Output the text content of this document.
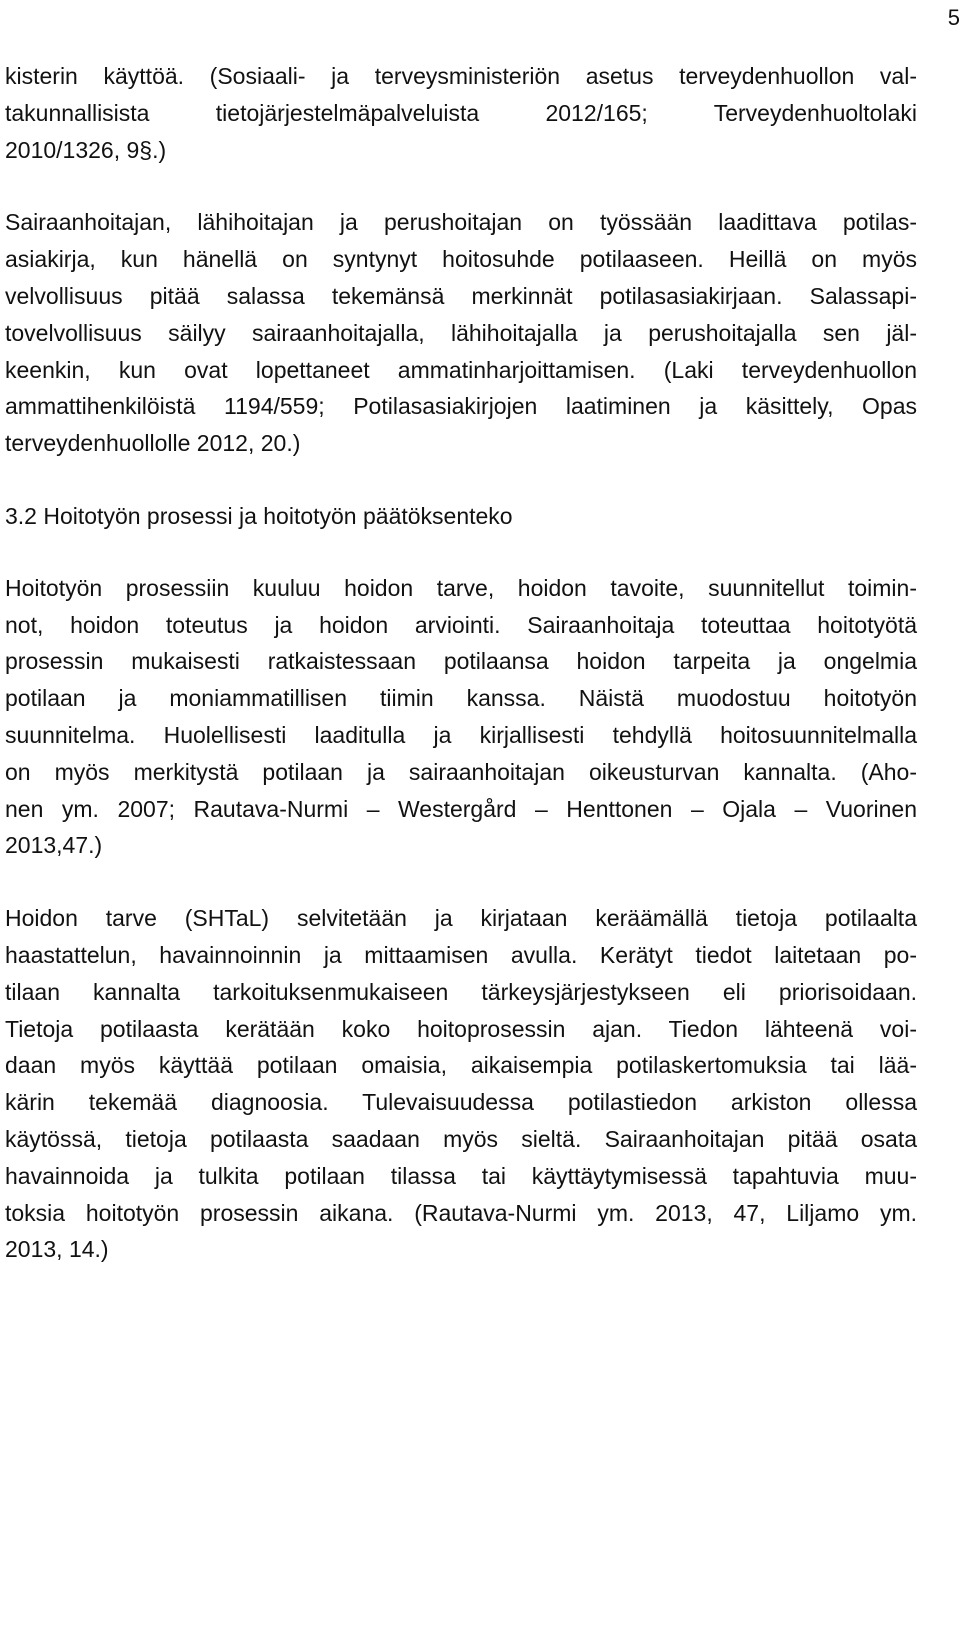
5

kisterin käyttöä. (Sosiaali- ja terveysministeriön asetus terveydenhuollon val-
takunnallisista tietojärjestelmäpalveluista 2012/165; Terveydenhuoltolaki
2010/1326, 9§.)

Sairaanhoitajan, lähihoitajan ja perushoitajan on työssään laadittava potilas-
asiakirja, kun hänellä on syntynyt hoitosuhde potilaaseen. Heillä on myös
velvollisuus pitää salassa tekemänsä merkinnät potilasasiakirjaan. Salassapi-
tovelvollisuus säilyy sairaanhoitajalla, lähihoitajalla ja perushoitajalla sen jäl-
keenkin, kun ovat lopettaneet ammatinharjoittamisen. (Laki terveydenhuollon
ammattihenkilöistä 1194/559; Potilasasiakirjojen laatiminen ja käsittely, Opas
terveydenhuollolle 2012, 20.)

3.2 Hoitotyön prosessi ja hoitotyön päätöksenteko

Hoitotyön prosessiin kuuluu hoidon tarve, hoidon tavoite, suunnitellut toimin-
not, hoidon toteutus ja hoidon arviointi. Sairaanhoitaja toteuttaa hoitotyötä
prosessin mukaisesti ratkaistessaan potilaansa hoidon tarpeita ja ongelmia
potilaan ja moniammatillisen tiimin kanssa. Näistä muodostuu hoitotyön
suunnitelma. Huolellisesti laaditulla ja kirjallisesti tehdyllä hoitosuunnitelmalla
on myös merkitystä potilaan ja sairaanhoitajan oikeusturvan kannalta. (Aho-
nen ym. 2007; Rautava-Nurmi – Westergård – Henttonen – Ojala – Vuorinen
2013,47.)

Hoidon tarve (SHTaL) selvitetään ja kirjataan keräämällä tietoja potilaalta
haastattelun, havainnoinnin ja mittaamisen avulla. Kerätyt tiedot laitetaan po-
tilaan kannalta tarkoituksenmukaiseen tärkeysjärjestykseen eli priorisoidaan.
Tietoja potilaasta kerätään koko hoitoprosessin ajan. Tiedon lähteenä voi-
daan myös käyttää potilaan omaisia, aikaisempia potilaskertomuksia tai lää-
kärin tekemää diagnoosia. Tulevaisuudessa potilastiedon arkiston ollessa
käytössä, tietoja potilaasta saadaan myös sieltä. Sairaanhoitajan pitää osata
havainnoida ja tulkita potilaan tilassa tai käyttäytymisessä tapahtuvia muu-
toksia hoitotyön prosessin aikana. (Rautava-Nurmi ym. 2013, 47, Liljamo ym.
2013, 14.)
